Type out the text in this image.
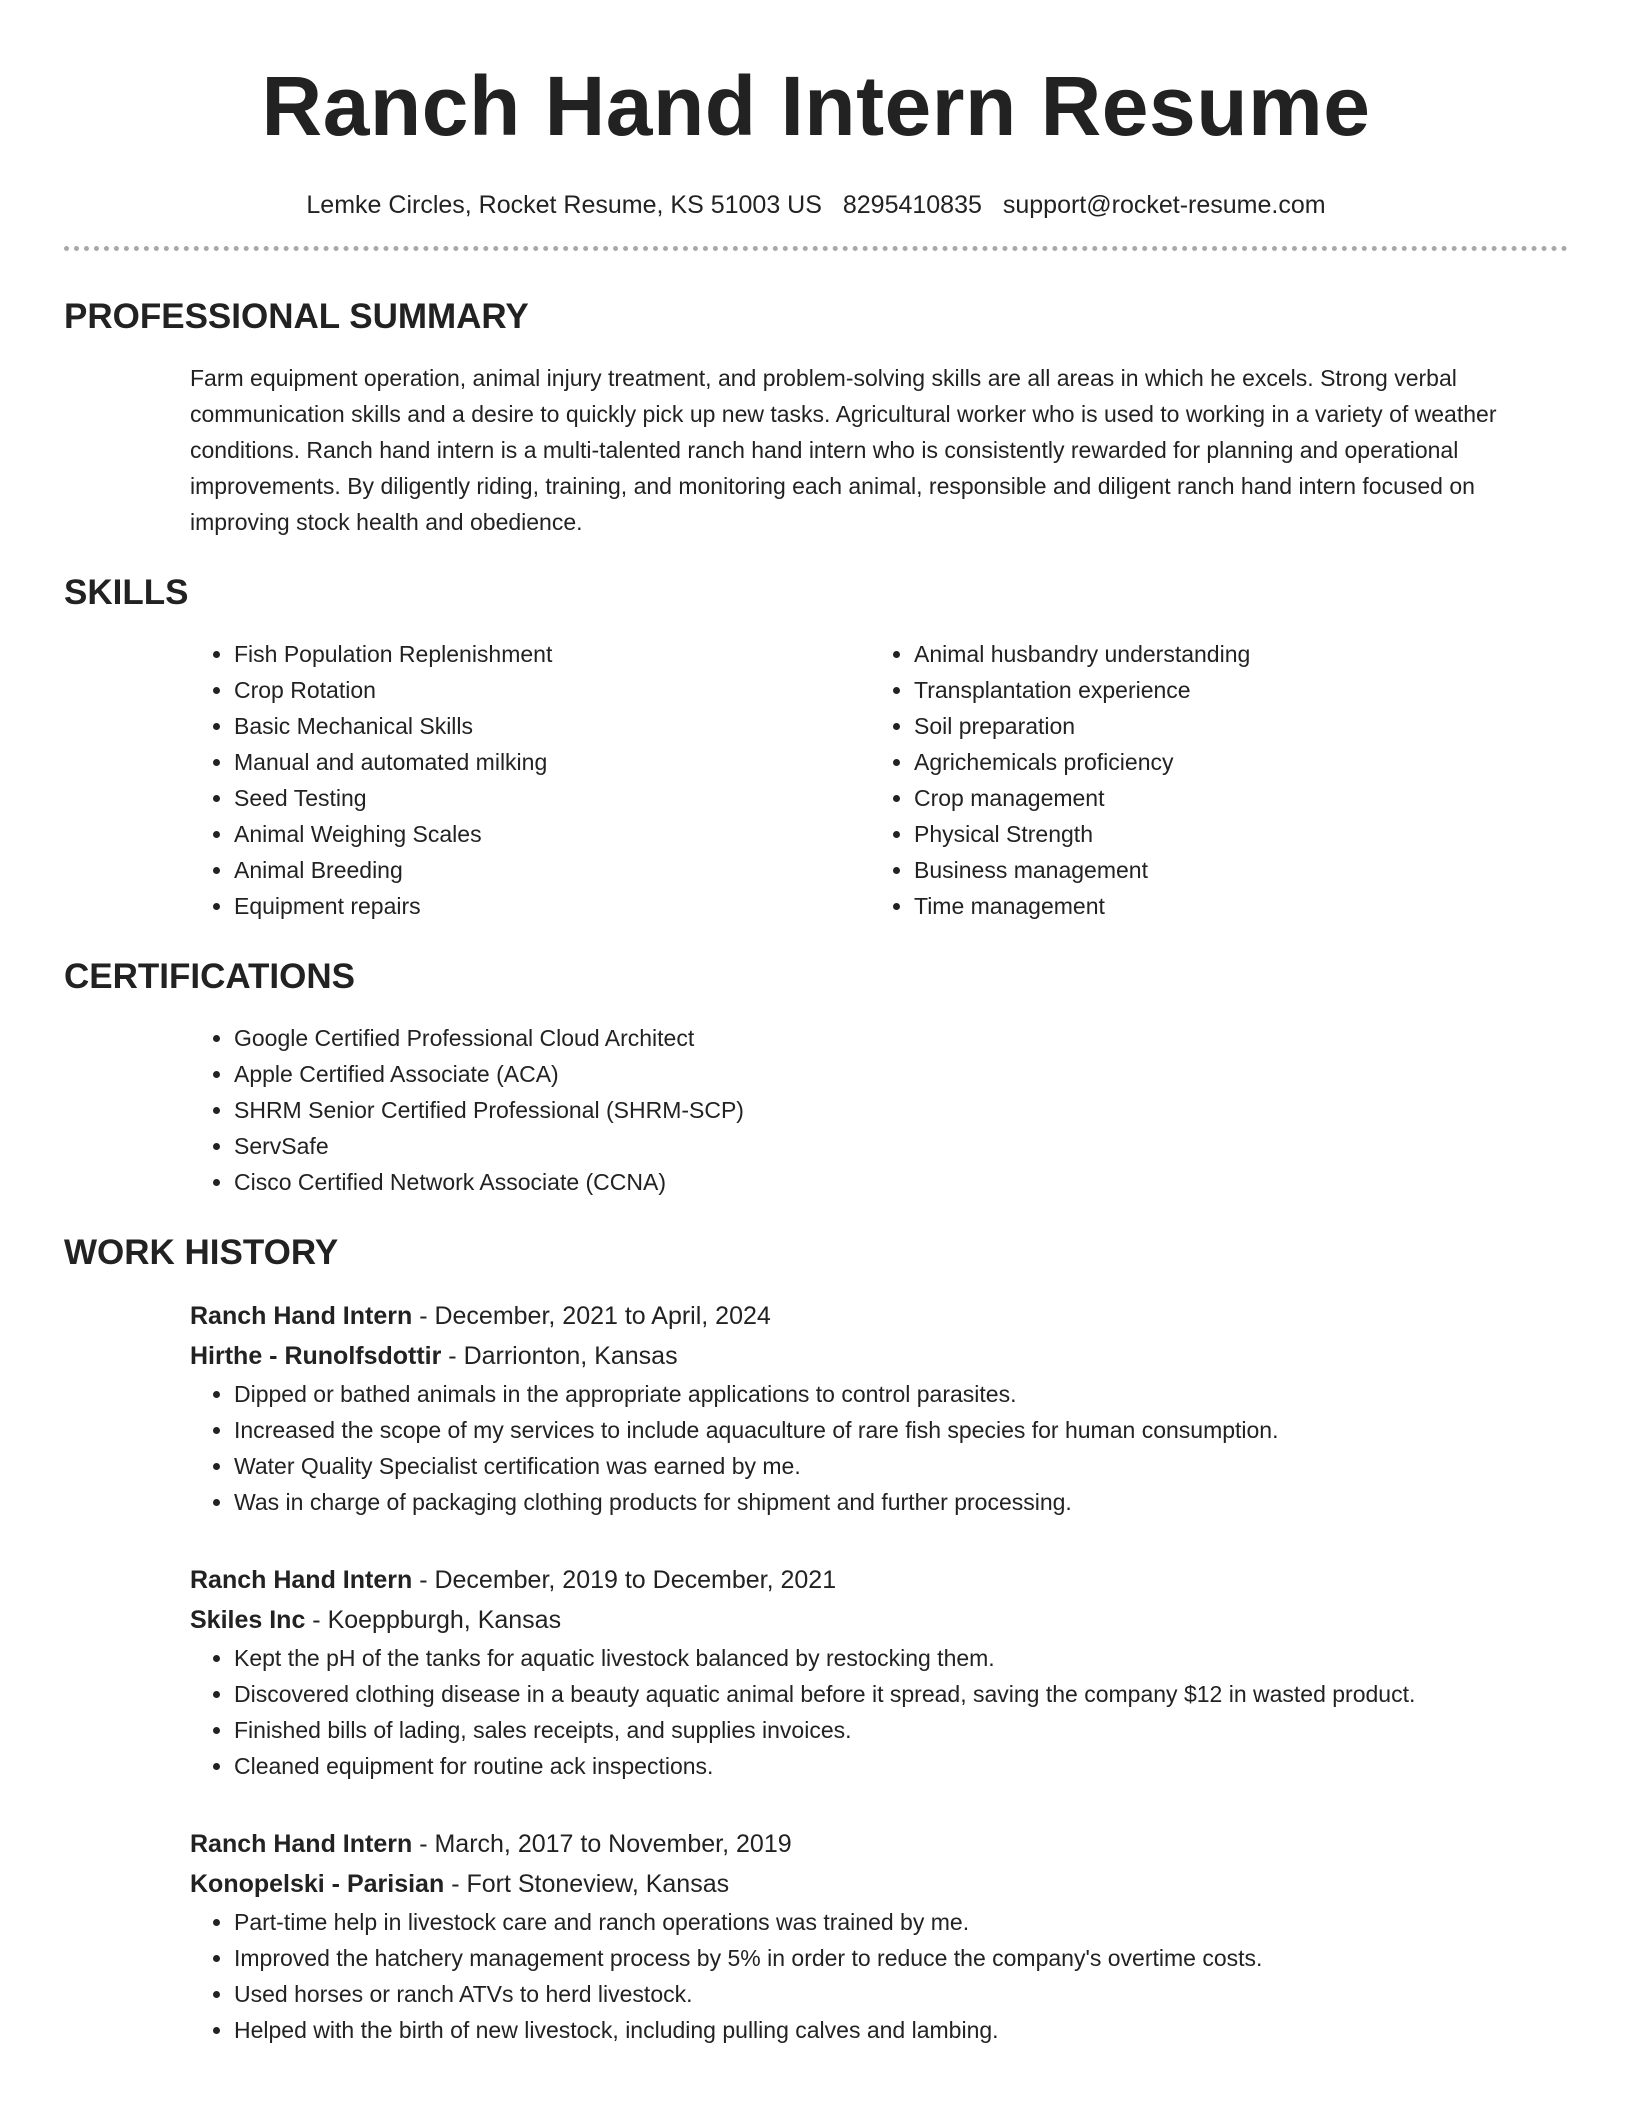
Ranch Hand Intern Resume
Lemke Circles, Rocket Resume, KS 51003 US 8295410835 support@rocket-resume.com
PROFESSIONAL SUMMARY

Farm equipment operation, animal injury treatment, and problem-solving skills are all areas in which he excels. Strong verbal communication skills and a desire to quickly pick up new tasks. Agricultural worker who is used to working in a variety of weather conditions. Ranch hand intern is a multi-talented ranch hand intern who is consistently rewarded for planning and operational improvements. By diligently riding, training, and monitoring each animal, responsible and diligent ranch hand intern focused on improving stock health and obedience.

SKILLS
• Fish Population Replenishment
• Crop Rotation
• Basic Mechanical Skills
• Manual and automated milking
• Seed Testing
• Animal Weighing Scales
• Animal Breeding
• Equipment repairs
• Animal husbandry understanding
• Transplantation experience
• Soil preparation
• Agrichemicals proficiency
• Crop management
• Physical Strength
• Business management
• Time management
CERTIFICATIONS
• Google Certified Professional Cloud Architect
• Apple Certified Associate (ACA)
• SHRM Senior Certified Professional (SHRM-SCP)
• ServSafe
• Cisco Certified Network Associate (CCNA)
WORK HISTORY
Ranch Hand Intern - December, 2021 to April, 2024
Hirthe - Runolfsdottir - Darrionton, Kansas
• Dipped or bathed animals in the appropriate applications to control parasites.
• Increased the scope of my services to include aquaculture of rare fish species for human consumption.
• Water Quality Specialist certification was earned by me.
• Was in charge of packaging clothing products for shipment and further processing.
Ranch Hand Intern - December, 2019 to December, 2021
Skiles Inc - Koeppburgh, Kansas
• Kept the pH of the tanks for aquatic livestock balanced by restocking them.
• Discovered clothing disease in a beauty aquatic animal before it spread, saving the company $12 in wasted product.
• Finished bills of lading, sales receipts, and supplies invoices.
• Cleaned equipment for routine ack inspections.
Ranch Hand Intern - March, 2017 to November, 2019
Konopelski - Parisian - Fort Stoneview, Kansas
• Part-time help in livestock care and ranch operations was trained by me.
• Improved the hatchery management process by 5% in order to reduce the company's overtime costs.
• Used horses or ranch ATVs to herd livestock.
• Helped with the birth of new livestock, including pulling calves and lambing.
